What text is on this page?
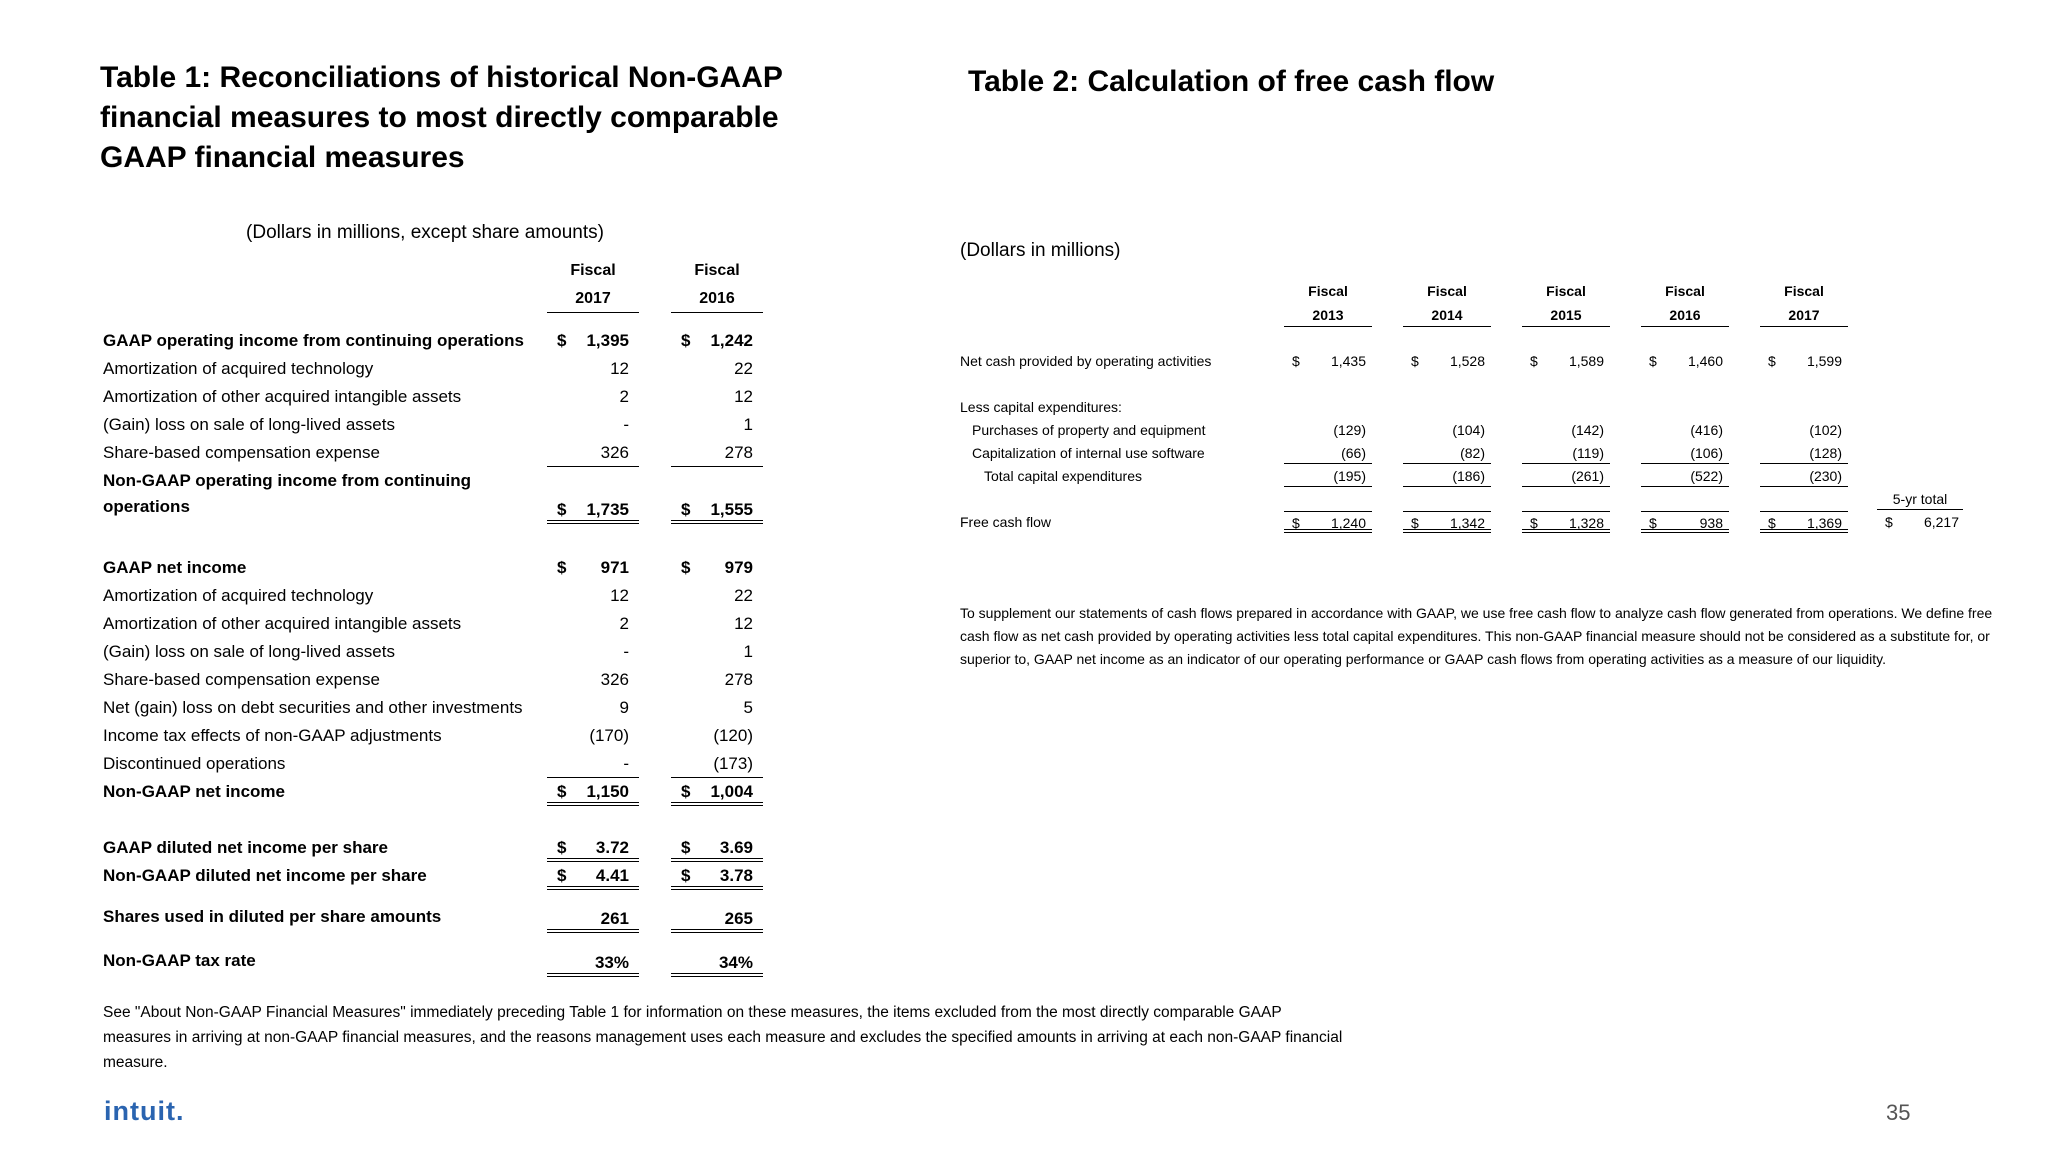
Table 1: Reconciliations of historical Non-GAAP financial measures to most directly comparable GAAP financial measures
Table 2: Calculation of free cash flow
(Dollars in millions, except share amounts)
Fiscal
2017
Fiscal
2016
GAAP operating income from continuing operations $ 1,395	$ 1,242
Amortization of acquired technology	12	22
Amortization of other acquired intangible assets	2	12
(Gain) loss on sale of long-lived assets	-	1
Share-based compensation expense	326	278
Non-GAAP operating income from continuing
operations	$ 1,735	$ 1,555
GAAP net income	$ 971	$ 979
Amortization of acquired technology	12	22
Amortization of other acquired intangible assets	2	12
(Gain) loss on sale of long-lived assets	-	1
Share-based compensation expense	326	278
Net (gain) loss on debt securities and other investments	9	5
Income tax effects of non-GAAP adjustments	(170)	(120)
Discontinued operations	-	(173)
Non-GAAP net income	$ 1,150	$ 1,004
GAAP diluted net income per share	$ 3.72	$ 3.69
Non-GAAP diluted net income per share	$ 4.41	$ 3.78
Shares used in diluted per share amounts	261	265
Non-GAAP tax rate	33%	34%
See "About Non-GAAP Financial Measures" immediately preceding Table 1 for information on these measures, the items excluded from the most directly comparable GAAP measures in arriving at non-GAAP financial measures, and the reasons management uses each measure and excludes the specified amounts in arriving at each non-GAAP financial measure.
(Dollars in millions)
Fiscal
2013
Fiscal
2014
Fiscal
2015
Fiscal
2016
Fiscal
2017
Net cash provided by operating activities	$ 1,435	$ 1,528	$ 1,589	$ 1,460	$ 1,599
Less capital expenditures:
Purchases of property and equipment	(129)	(104)	(142)	(416)	(102)
Capitalization of internal use software	(66)	(82)	(119)	(106)	(128)
Total capital expenditures	(195)	(186)	(261)	(522)	(230)
5-yr total
Free cash flow	$ 1,240	$ 1,342	$ 1,328	$	938	$ 1,369	$ 6,217
To supplement our statements of cash flows prepared in accordance with GAAP, we use free cash flow to analyze cash flow generated from operations. We define free cash flow as net cash provided by operating activities less total capital expenditures. This non-GAAP financial measure should not be considered as a substitute for, or superior to, GAAP net income as an indicator of our operating performance or GAAP cash flows from operating activities as a measure of our liquidity.
intuit.	35
